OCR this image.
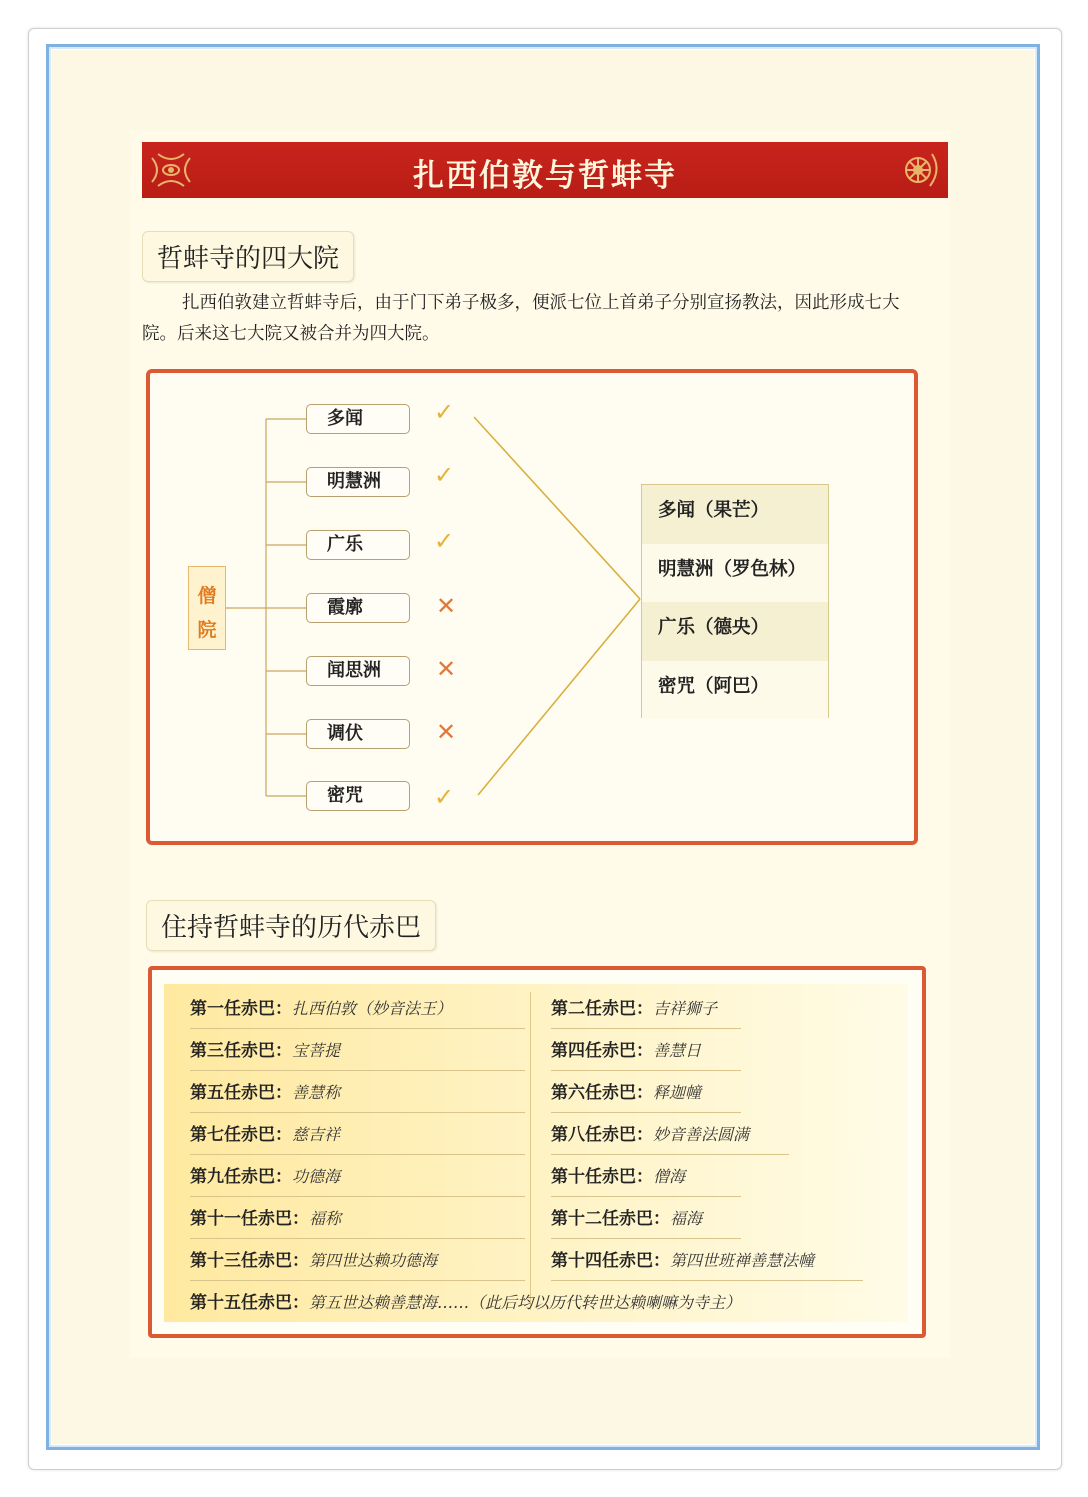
扎西伯敦与哲蚌寺
哲蚌寺的四大院
扎西伯敦建立哲蚌寺后，由于门下弟子极多，便派七位上首弟子分别宣扬教法，因此形成七大院。后来这七大院又被合并为四大院。
僧院
多闻
明慧洲
广乐
霞廓
闻思洲
调伏
密咒
✓
✓
✓
✕
✕
✕
✓
多闻（果芒）
明慧洲（罗色林）
广乐（德央）
密咒（阿巴）
住持哲蚌寺的历代赤巴
第一任赤巴：扎西伯敦（妙音法王）	第二任赤巴：吉祥狮子
第三任赤巴：宝菩提	第四任赤巴：善慧日
第五任赤巴：善慧称	第六任赤巴：释迦幢
第七任赤巴：慈吉祥	第八任赤巴：妙音善法圆满
第九任赤巴：功德海	第十任赤巴：僧海
第十一任赤巴：福称	第十二任赤巴：福海
第十三任赤巴：第四世达赖功德海	第十四任赤巴：第四世班禅善慧法幢
第十五任赤巴：第五世达赖善慧海……（此后均以历代转世达赖喇嘛为寺主）
